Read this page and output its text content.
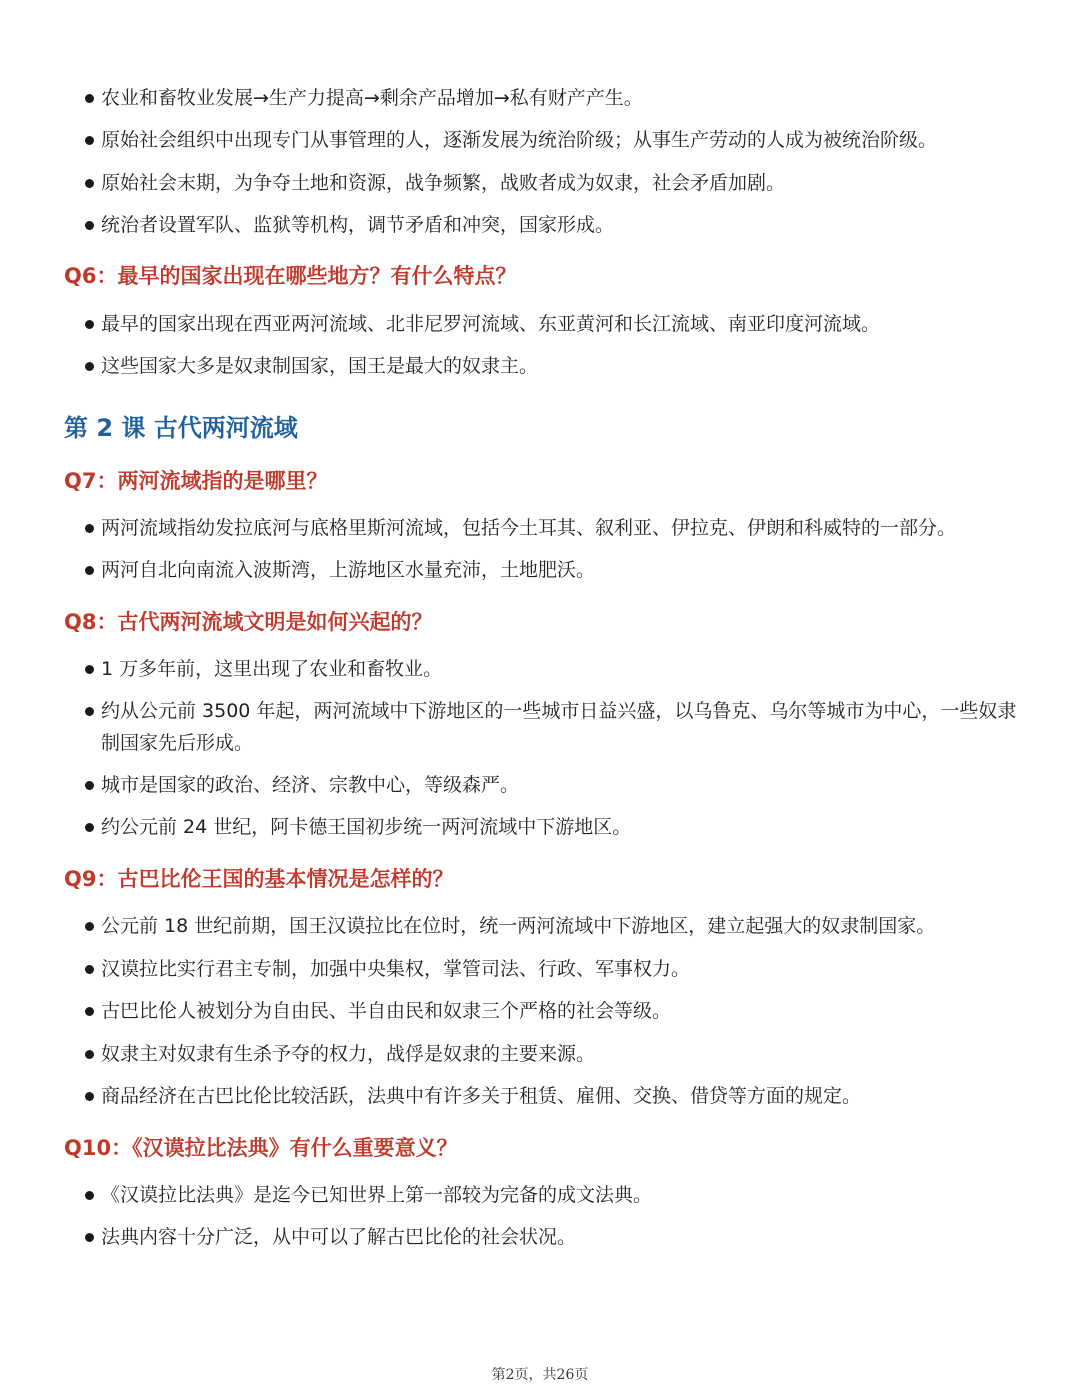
农业和畜牧业发展→生产力提高→剩余产品增加→私有财产产生。
原始社会组织中出现专门从事管理的人，逐渐发展为统治阶级；从事生产劳动的人成为被统治阶级。
原始社会末期，为争夺土地和资源，战争频繁，战败者成为奴隶，社会矛盾加剧。
统治者设置军队、监狱等机构，调节矛盾和冲突，国家形成。
Q6：最早的国家出现在哪些地方？有什么特点？
最早的国家出现在西亚两河流域、北非尼罗河流域、东亚黄河和长江流域、南亚印度河流域。
这些国家大多是奴隶制国家，国王是最大的奴隶主。
第 2 课 古代两河流域
Q7：两河流域指的是哪里？
两河流域指幼发拉底河与底格里斯河流域，包括今土耳其、叙利亚、伊拉克、伊朗和科威特的一部分。
两河自北向南流入波斯湾，上游地区水量充沛，土地肥沃。
Q8：古代两河流域文明是如何兴起的？
1 万多年前，这里出现了农业和畜牧业。
约从公元前 3500 年起，两河流域中下游地区的一些城市日益兴盛，以乌鲁克、乌尔等城市为中心，一些奴隶制国家先后形成。
城市是国家的政治、经济、宗教中心，等级森严。
约公元前 24 世纪，阿卡德王国初步统一两河流域中下游地区。
Q9：古巴比伦王国的基本情况是怎样的？
公元前 18 世纪前期，国王汉谟拉比在位时，统一两河流域中下游地区，建立起强大的奴隶制国家。
汉谟拉比实行君主专制，加强中央集权，掌管司法、行政、军事权力。
古巴比伦人被划分为自由民、半自由民和奴隶三个严格的社会等级。
奴隶主对奴隶有生杀予夺的权力，战俘是奴隶的主要来源。
商品经济在古巴比伦比较活跃，法典中有许多关于租赁、雇佣、交换、借贷等方面的规定。
Q10：《汉谟拉比法典》有什么重要意义？
《汉谟拉比法典》是迄今已知世界上第一部较为完备的成文法典。
法典内容十分广泛，从中可以了解古巴比伦的社会状况。
第2页，共26页
